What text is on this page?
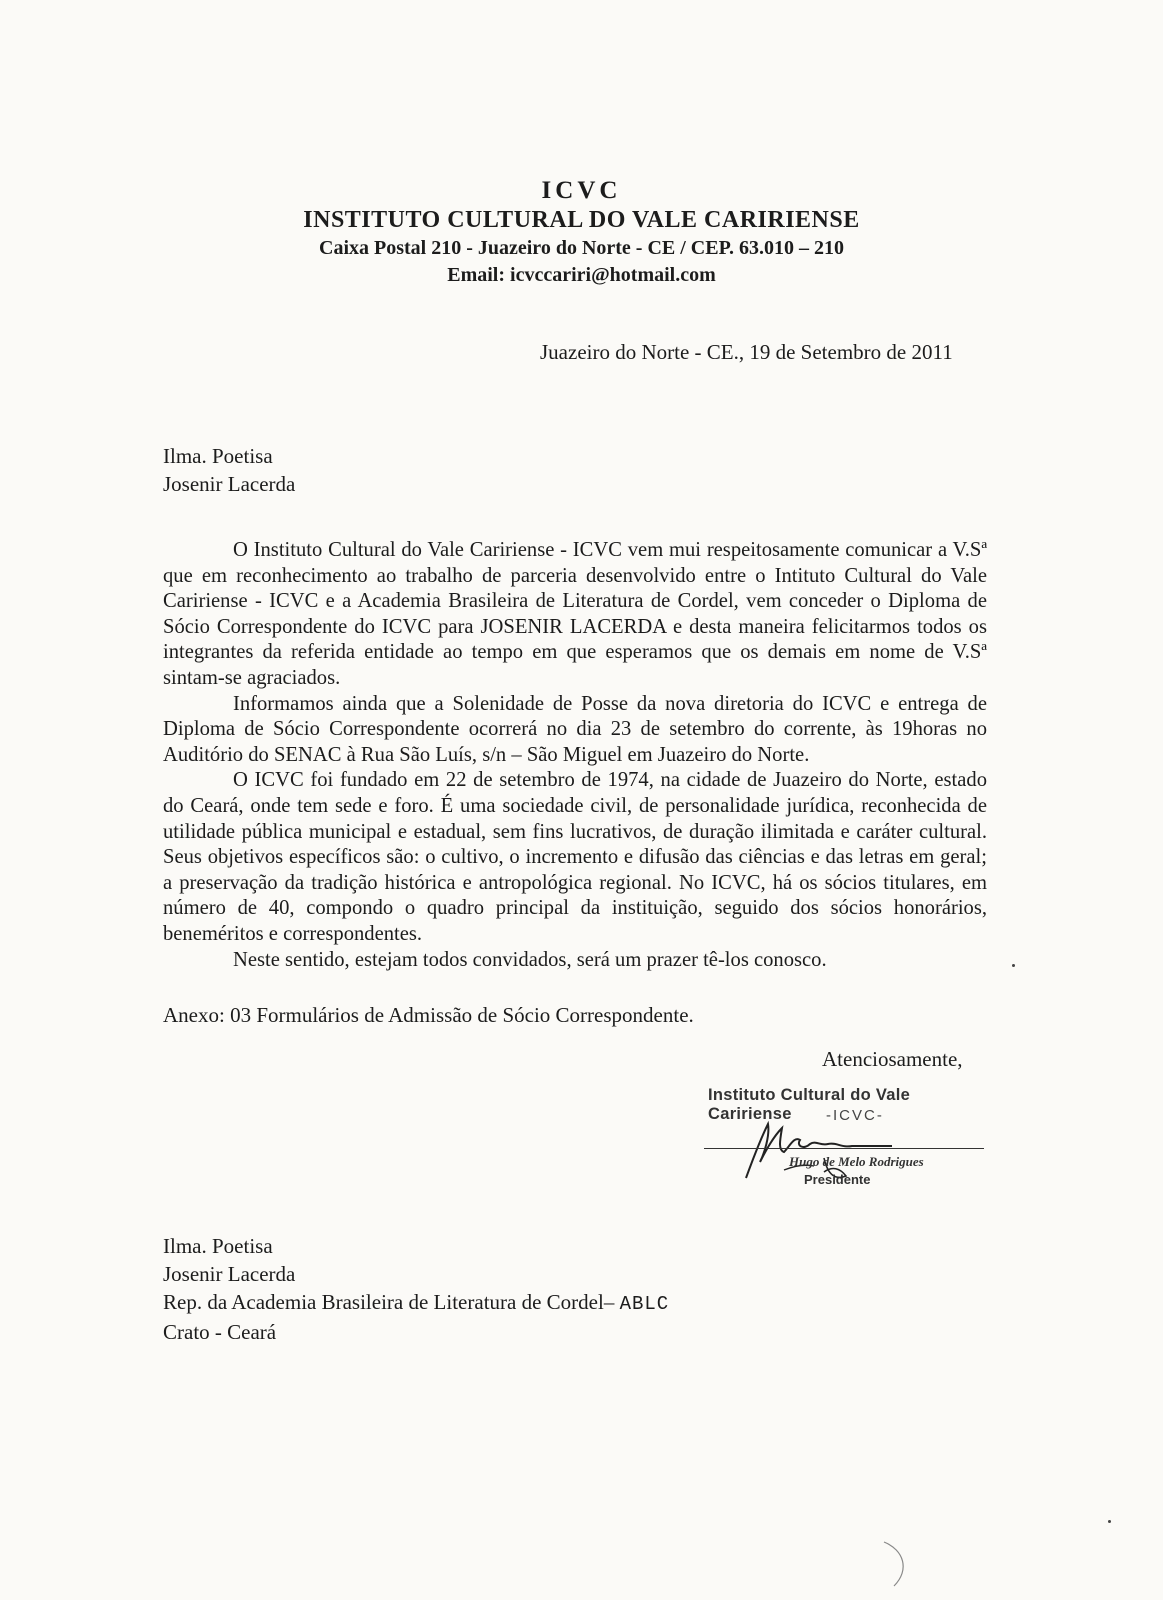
ICVC
INSTITUTO CULTURAL DO VALE CARIRIENSE
Caixa Postal 210 - Juazeiro do Norte - CE / CEP. 63.010 – 210
Email: icvccariri@hotmail.com
Juazeiro do Norte - CE., 19 de Setembro de 2011
Ilma. Poetisa
Josenir Lacerda

O Instituto Cultural do Vale Caririense - ICVC vem mui respeitosamente comunicar a V.Sª que em reconhecimento ao trabalho de parceria desenvolvido entre o Intituto Cultural do Vale Caririense - ICVC e a Academia Brasileira de Literatura de Cordel, vem conceder o Diploma de Sócio Correspondente do ICVC para JOSENIR LACERDA e desta maneira felicitarmos todos os integrantes da referida entidade ao tempo em que esperamos que os demais em nome de V.Sª sintam-se agraciados.

Informamos ainda que a Solenidade de Posse da nova diretoria do ICVC e entrega de Diploma de Sócio Correspondente ocorrerá no dia 23 de setembro do corrente, às 19horas no Auditório do SENAC à Rua São Luís, s/n – São Miguel em Juazeiro do Norte.

O ICVC foi fundado em 22 de setembro de 1974, na cidade de Juazeiro do Norte, estado do Ceará, onde tem sede e foro. É uma sociedade civil, de personalidade jurídica, reconhecida de utilidade pública municipal e estadual, sem fins lucrativos, de duração ilimitada e caráter cultural. Seus objetivos específicos são: o cultivo, o incremento e difusão das ciências e das letras em geral; a preservação da tradição histórica e antropológica regional. No ICVC, há os sócios titulares, em número de 40, compondo o quadro principal da instituição, seguido dos sócios honorários, beneméritos e correspondentes.

Neste sentido, estejam todos convidados, será um prazer tê-los conosco.

Anexo: 03 Formulários de Admissão de Sócio Correspondente.
Atenciosamente,
Instituto Cultural do Vale Caririense	-ICVC-
Hugo de Melo Rodrigues
Presidente
Ilma. Poetisa
Josenir Lacerda
Rep. da Academia Brasileira de Literatura de Cordel– ABLC
Crato - Ceará
